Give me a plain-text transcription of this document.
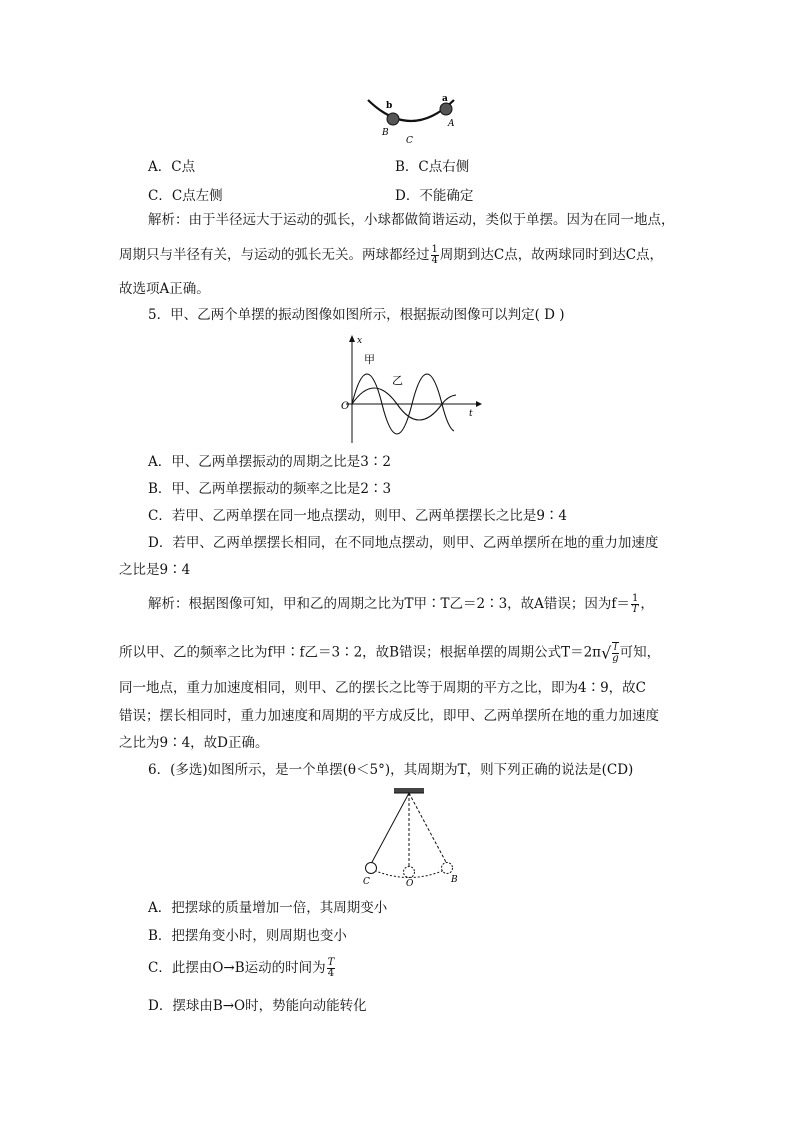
b
a
B
C
A
A．C点	B．C点右侧
C．C点左侧	D．不能确定
解析：由于半径远大于运动的弧长，小球都做简谐运动，类似于单摆。因为在同一地点，
周期只与半径有关，与运动的弧长无关。两球都经过 $\frac{1}{4}$ 周期到达C点，故两球同时到达C点，
故选项A正确。
5．甲、乙两个单摆的振动图像如图所示，根据振动图像可以判定( D )
x
t
O
甲
乙
A．甲、乙两单摆振动的周期之比是3∶2
B．甲、乙两单摆振动的频率之比是2∶3
C．若甲、乙两单摆在同一地点摆动，则甲、乙两单摆摆长之比是9∶4
D．若甲、乙两单摆摆长相同，在不同地点摆动，则甲、乙两单摆所在地的重力加速度
之比是9∶4
解析：根据图像可知，甲和乙的周期之比为T甲∶T乙＝2∶3，故A错误；因为$f= \frac{1}{T}$ ，
所以甲、乙的频率之比为f甲∶f乙＝3∶2，故B错误；根据单摆的周期公式$T=2\pi√ \frac{l}{g}$ 可知，
同一地点，重力加速度相同，则甲、乙的摆长之比等于周期的平方之比，即为4∶9，故C
错误；摆长相同时，重力加速度和周期的平方成反比，即甲、乙两单摆所在地的重力加速度
之比为9∶4，故D正确。
6．(多选)如图所示，是一个单摆(θ＜5°)，其周期为T，则下列正确的说法是(CD)
C	O	B
A．把摆球的质量增加一倍，其周期变小
B．把摆角变小时，则周期也变小
C．此摆由O→B运动的时间为 $\frac{T}{4}$
D．摆球由B→O时，势能向动能转化
